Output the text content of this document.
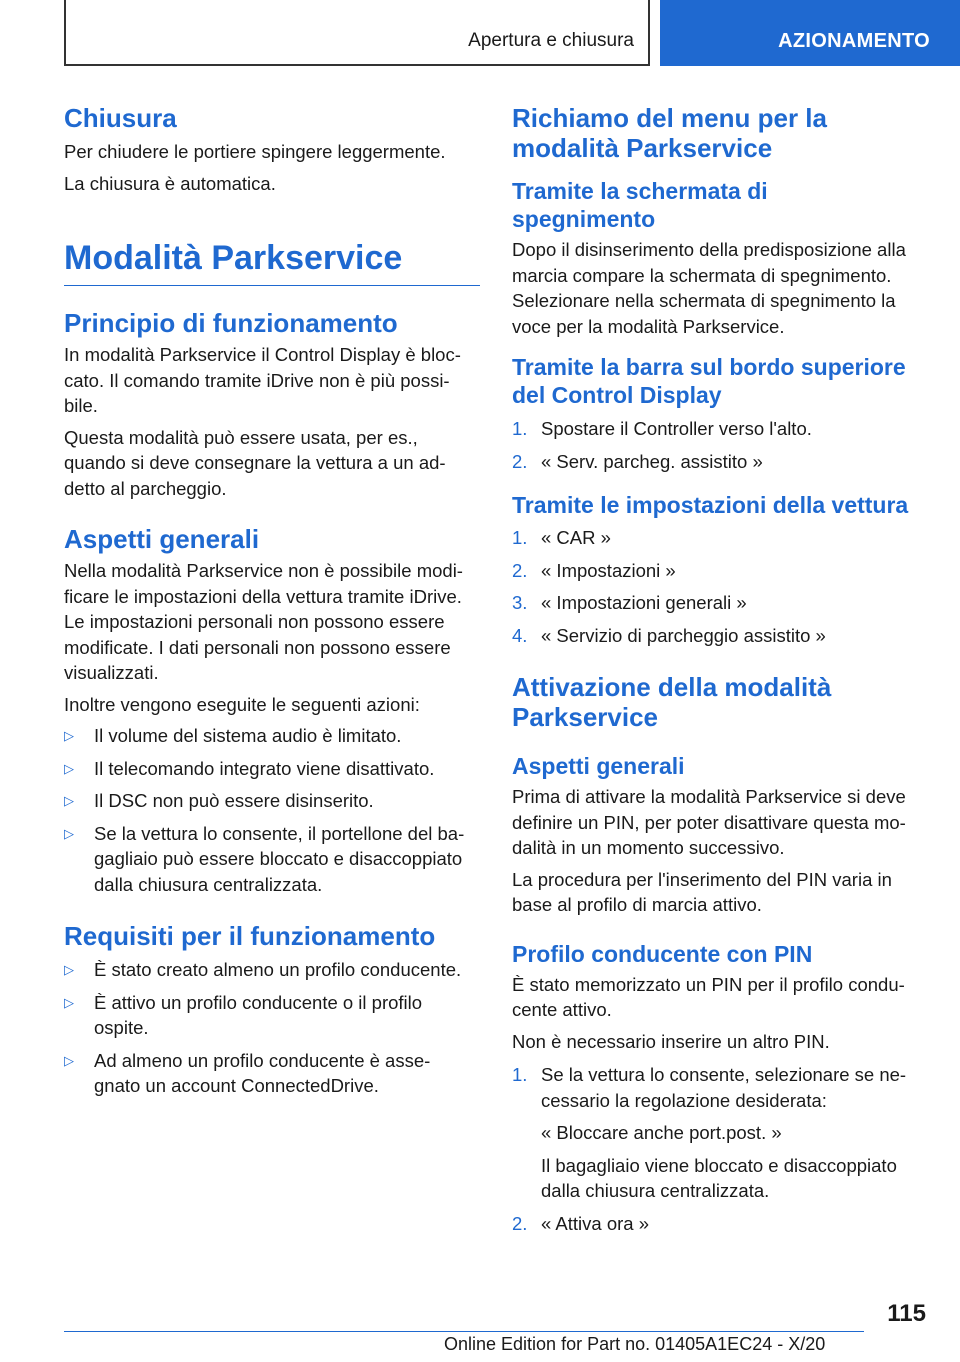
Apertura e chiusura	AZIONAMENTO
Chiusura

Per chiudere le portiere spingere leggermente.

La chiusura è automatica.

Modalità Parkservice
Principio di funzionamento

In modalità Parkservice il Control Display è bloc‐
cato. Il comando tramite iDrive non è più possi‐
bile.

Questa modalità può essere usata, per es.,
quando si deve consegnare la vettura a un ad‐
detto al parcheggio.

Aspetti generali

Nella modalità Parkservice non è possibile modi‐
ficare le impostazioni della vettura tramite iDrive.
Le impostazioni personali non possono essere
modificate. I dati personali non possono essere
visualizzati.

Inoltre vengono eseguite le seguenti azioni:

▷	Il volume del sistema audio è limitato.
▷	Il telecomando integrato viene disattivato.
▷	Il DSC non può essere disinserito.
▷	Se la vettura lo consente, il portellone del ba‐
gagliaio può essere bloccato e disaccoppiato
dalla chiusura centralizzata.
Requisiti per il funzionamento
▷	È stato creato almeno un profilo conducente.
▷	È attivo un profilo conducente o il profilo
ospite.
▷	Ad almeno un profilo conducente è asse‐
gnato un account ConnectedDrive.
Richiamo del menu per la
modalità Parkservice
Tramite la schermata di
spegnimento

Dopo il disinserimento della predisposizione alla
marcia compare la schermata di spegnimento.
Selezionare nella schermata di spegnimento la
voce per la modalità Parkservice.

Tramite la barra sul bordo superiore
del Control Display
1. Spostare il Controller verso l'alto.
2. « Serv. parcheg. assistito »
Tramite le impostazioni della vettura
1. « CAR »
2. « Impostazioni »
3. « Impostazioni generali »
4. « Servizio di parcheggio assistito »
Attivazione della modalità
Parkservice
Aspetti generali

Prima di attivare la modalità Parkservice si deve
definire un PIN, per poter disattivare questa mo‐
dalità in un momento successivo.

La procedura per l'inserimento del PIN varia in
base al profilo di marcia attivo.

Profilo conducente con PIN

È stato memorizzato un PIN per il profilo condu‐
cente attivo.

Non è necessario inserire un altro PIN.

1. Se la vettura lo consente, selezionare se ne‐
cessario la regolazione desiderata:
« Bloccare anche port.post. »
Il bagagliaio viene bloccato e disaccoppiato
dalla chiusura centralizzata.
2. « Attiva ora »
115
Online Edition for Part no. 01405A1EC24 - X/20
